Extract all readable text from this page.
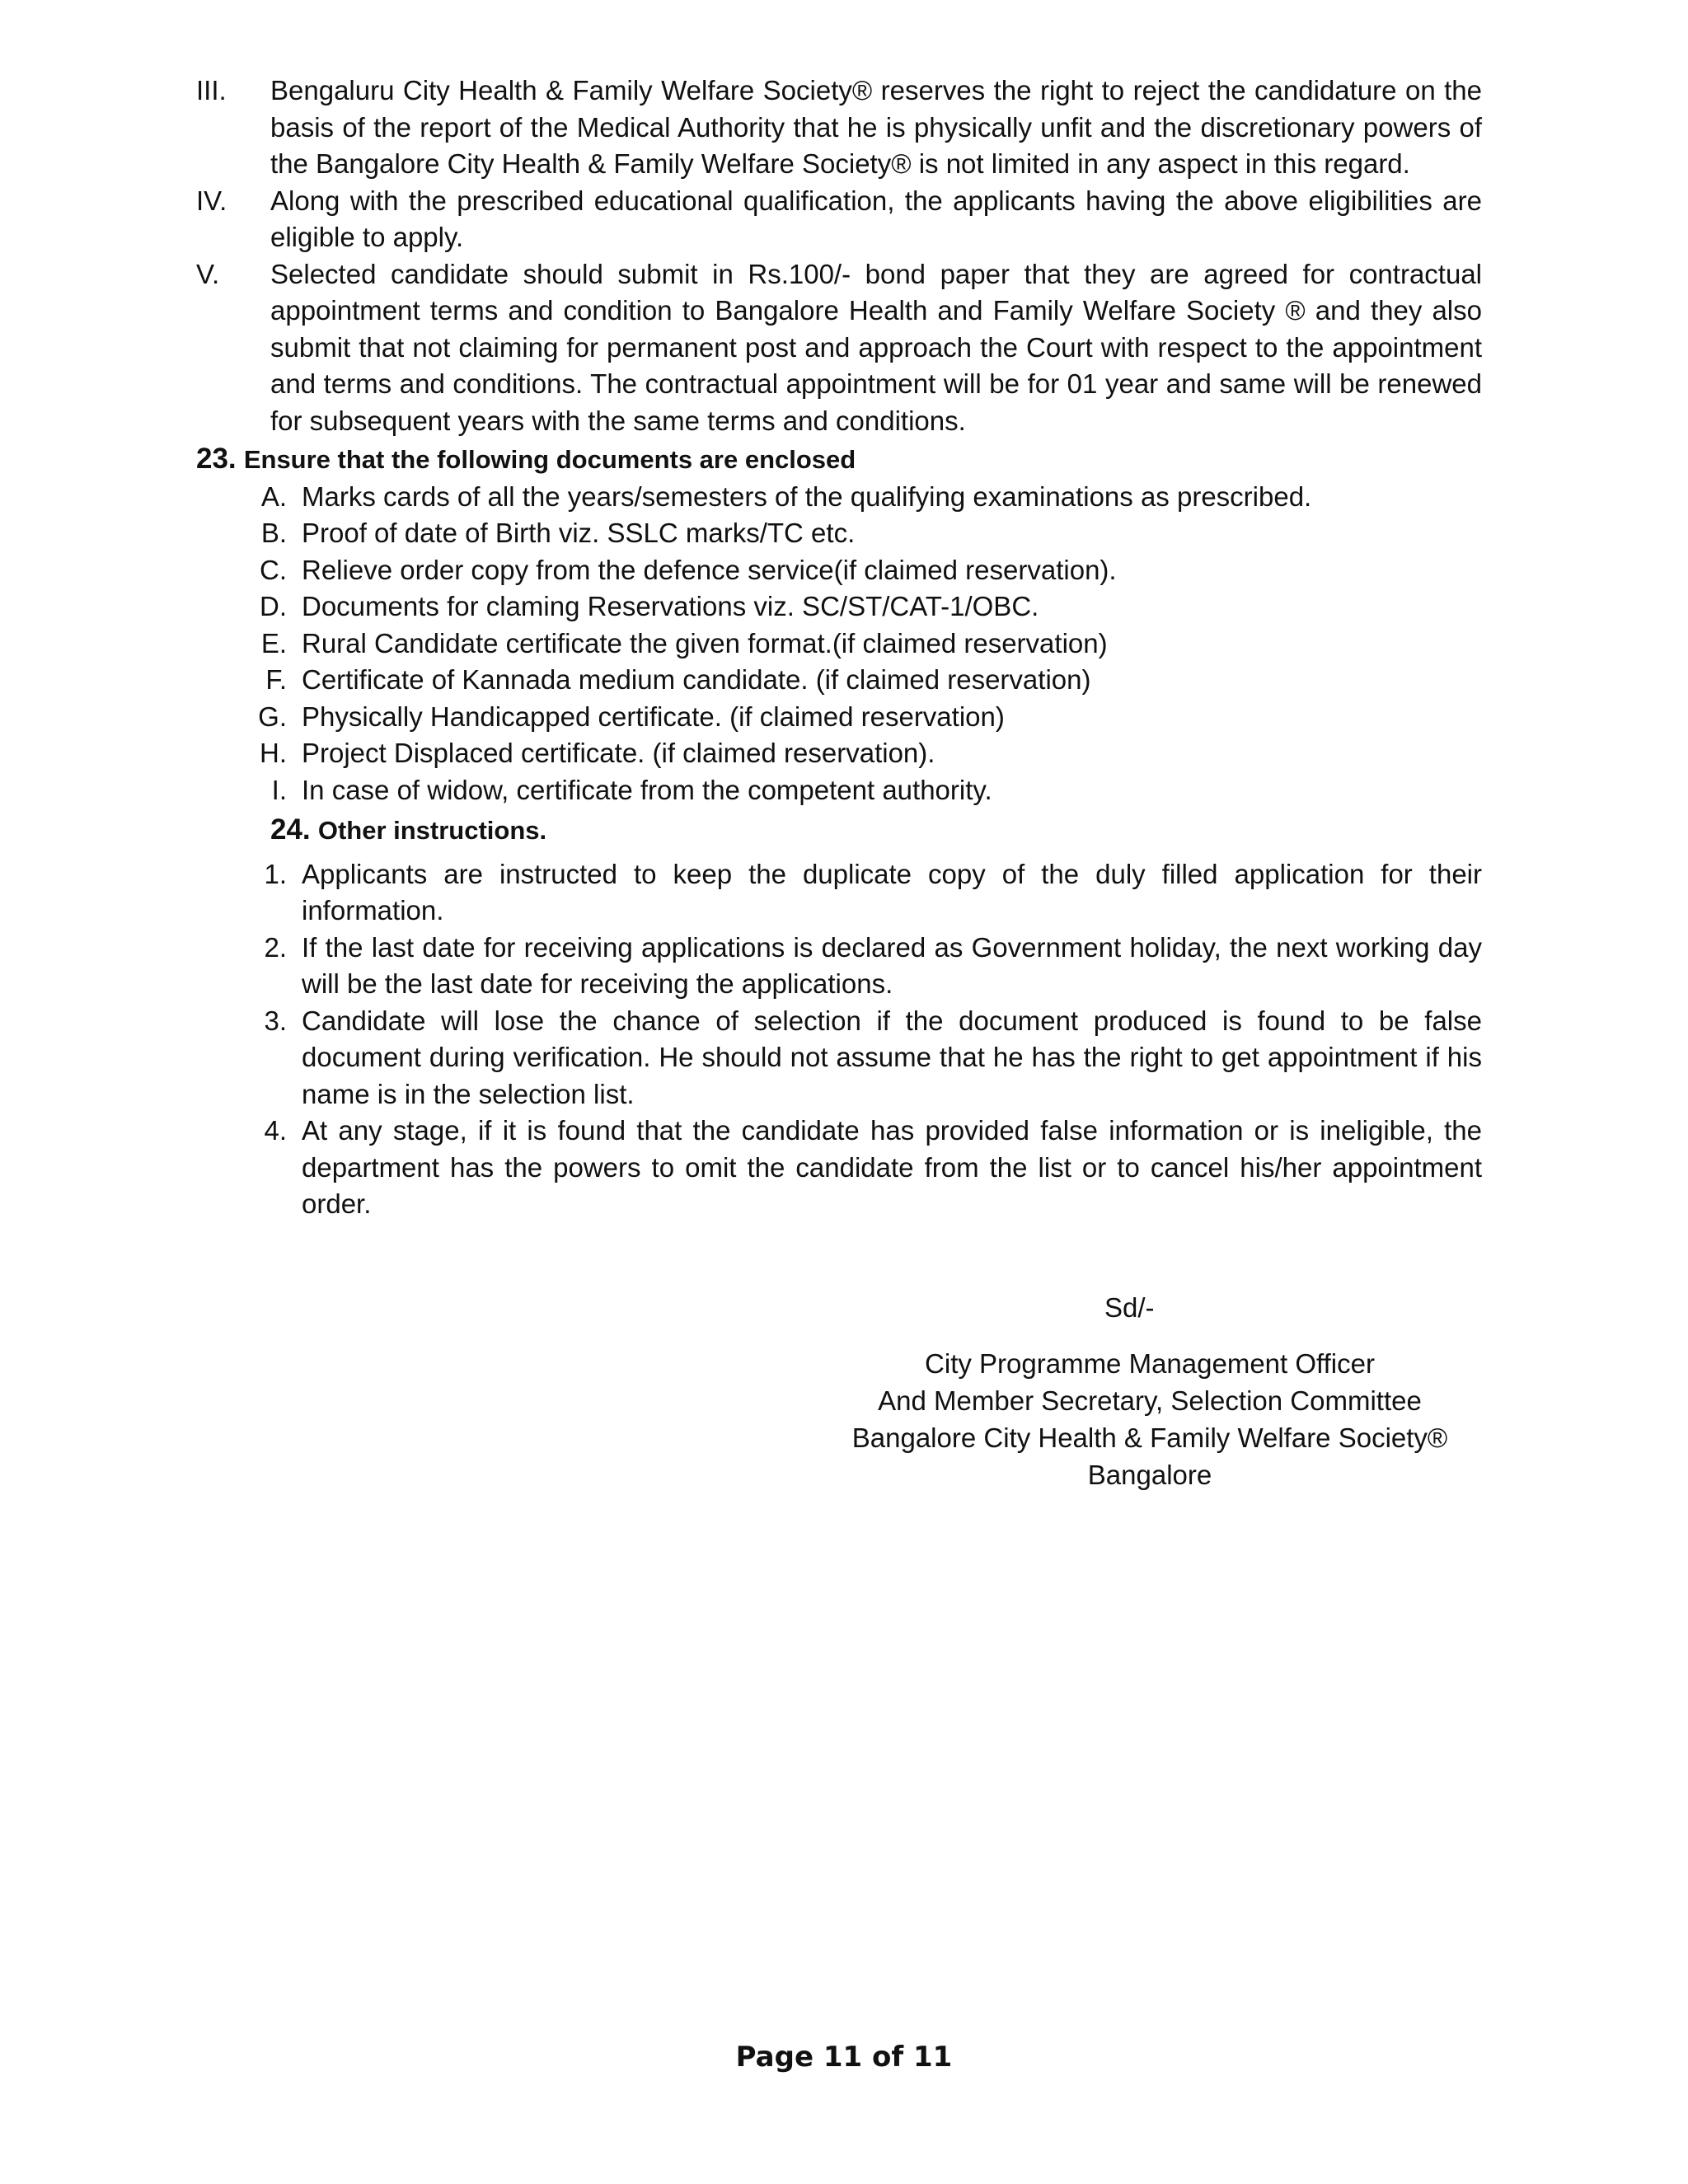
III.	Bengaluru City Health & Family Welfare Society® reserves the right to reject the candidature on the basis of the report of the Medical Authority that he is physically unfit and the discretionary powers of the Bangalore City Health & Family Welfare Society® is not limited in any aspect in this regard.
IV.	Along with the prescribed educational qualification, the applicants having the above eligibilities are eligible to apply.
V.	Selected candidate should submit in Rs.100/- bond paper that they are agreed for contractual appointment terms and condition to Bangalore Health and Family Welfare Society ® and they also submit that not claiming for permanent post and approach the Court with respect to the appointment and terms and conditions. The contractual appointment will be for 01 year and same will be renewed for subsequent years with the same terms and conditions.
23. Ensure that the following documents are enclosed
A. Marks cards of all the years/semesters of the qualifying examinations as prescribed.
B. Proof of date of Birth viz. SSLC marks/TC etc.
C. Relieve order copy from the defence service(if claimed reservation).
D. Documents for claming Reservations viz. SC/ST/CAT-1/OBC.
E. Rural Candidate certificate the given format.(if claimed reservation)
F. Certificate of Kannada medium candidate. (if claimed reservation)
G. Physically Handicapped certificate. (if claimed reservation)
H. Project Displaced certificate. (if claimed reservation).
I. In case of widow, certificate from the competent authority.
24. Other instructions.
1. Applicants are instructed to keep the duplicate copy of the duly filled application for their information.
2. If the last date for receiving applications is declared as Government holiday, the next working day will be the last date for receiving the applications.
3. Candidate will lose the chance of selection if the document produced is found to be false document during verification. He should not assume that he has the right to get appointment if his name is in the selection list.
4. At any stage, if it is found that the candidate has provided false information or is ineligible, the department has the powers to omit the candidate from the list or to cancel his/her appointment order.
Sd/-
City Programme Management Officer
And Member Secretary, Selection Committee
Bangalore City Health & Family Welfare Society®
Bangalore
Page 11 of 11
